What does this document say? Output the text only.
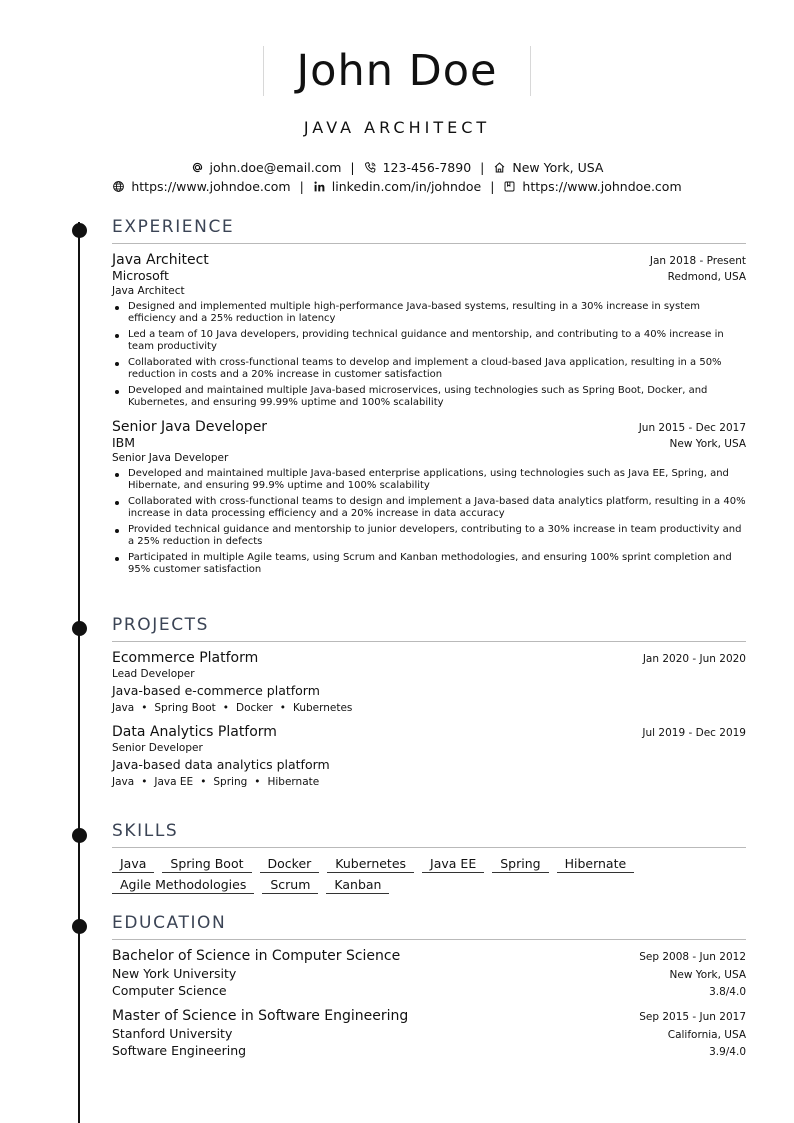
John Doe
JAVA ARCHITECT
john.doe@email.com | 123-456-7890 | New York, USA
https://www.johndoe.com | linkedin.com/in/johndoe | https://www.johndoe.com
EXPERIENCE
Java Architect	Jan 2018 - Present
Microsoft	Redmond, USA
Java Architect
Designed and implemented multiple high-performance Java-based systems, resulting in a 30% increase in system efficiency and a 25% reduction in latency
Led a team of 10 Java developers, providing technical guidance and mentorship, and contributing to a 40% increase in team productivity
Collaborated with cross-functional teams to develop and implement a cloud-based Java application, resulting in a 50% reduction in costs and a 20% increase in customer satisfaction
Developed and maintained multiple Java-based microservices, using technologies such as Spring Boot, Docker, and Kubernetes, and ensuring 99.99% uptime and 100% scalability
Senior Java Developer	Jun 2015 - Dec 2017
IBM	New York, USA
Senior Java Developer
Developed and maintained multiple Java-based enterprise applications, using technologies such as Java EE, Spring, and Hibernate, and ensuring 99.9% uptime and 100% scalability
Collaborated with cross-functional teams to design and implement a Java-based data analytics platform, resulting in a 40% increase in data processing efficiency and a 20% increase in data accuracy
Provided technical guidance and mentorship to junior developers, contributing to a 30% increase in team productivity and a 25% reduction in defects
Participated in multiple Agile teams, using Scrum and Kanban methodologies, and ensuring 100% sprint completion and 95% customer satisfaction
PROJECTS
Ecommerce Platform	Jan 2020 - Jun 2020
Lead Developer
Java-based e-commerce platform
Java • Spring Boot • Docker • Kubernetes
Data Analytics Platform	Jul 2019 - Dec 2019
Senior Developer
Java-based data analytics platform
Java • Java EE • Spring • Hibernate
SKILLS
Java	Spring Boot	Docker	Kubernetes	Java EE	Spring	Hibernate
Agile Methodologies	Scrum	Kanban
EDUCATION
Bachelor of Science in Computer Science	Sep 2008 - Jun 2012
New York University	New York, USA
Computer Science	3.8/4.0
Master of Science in Software Engineering	Sep 2015 - Jun 2017
Stanford University	California, USA
Software Engineering	3.9/4.0
